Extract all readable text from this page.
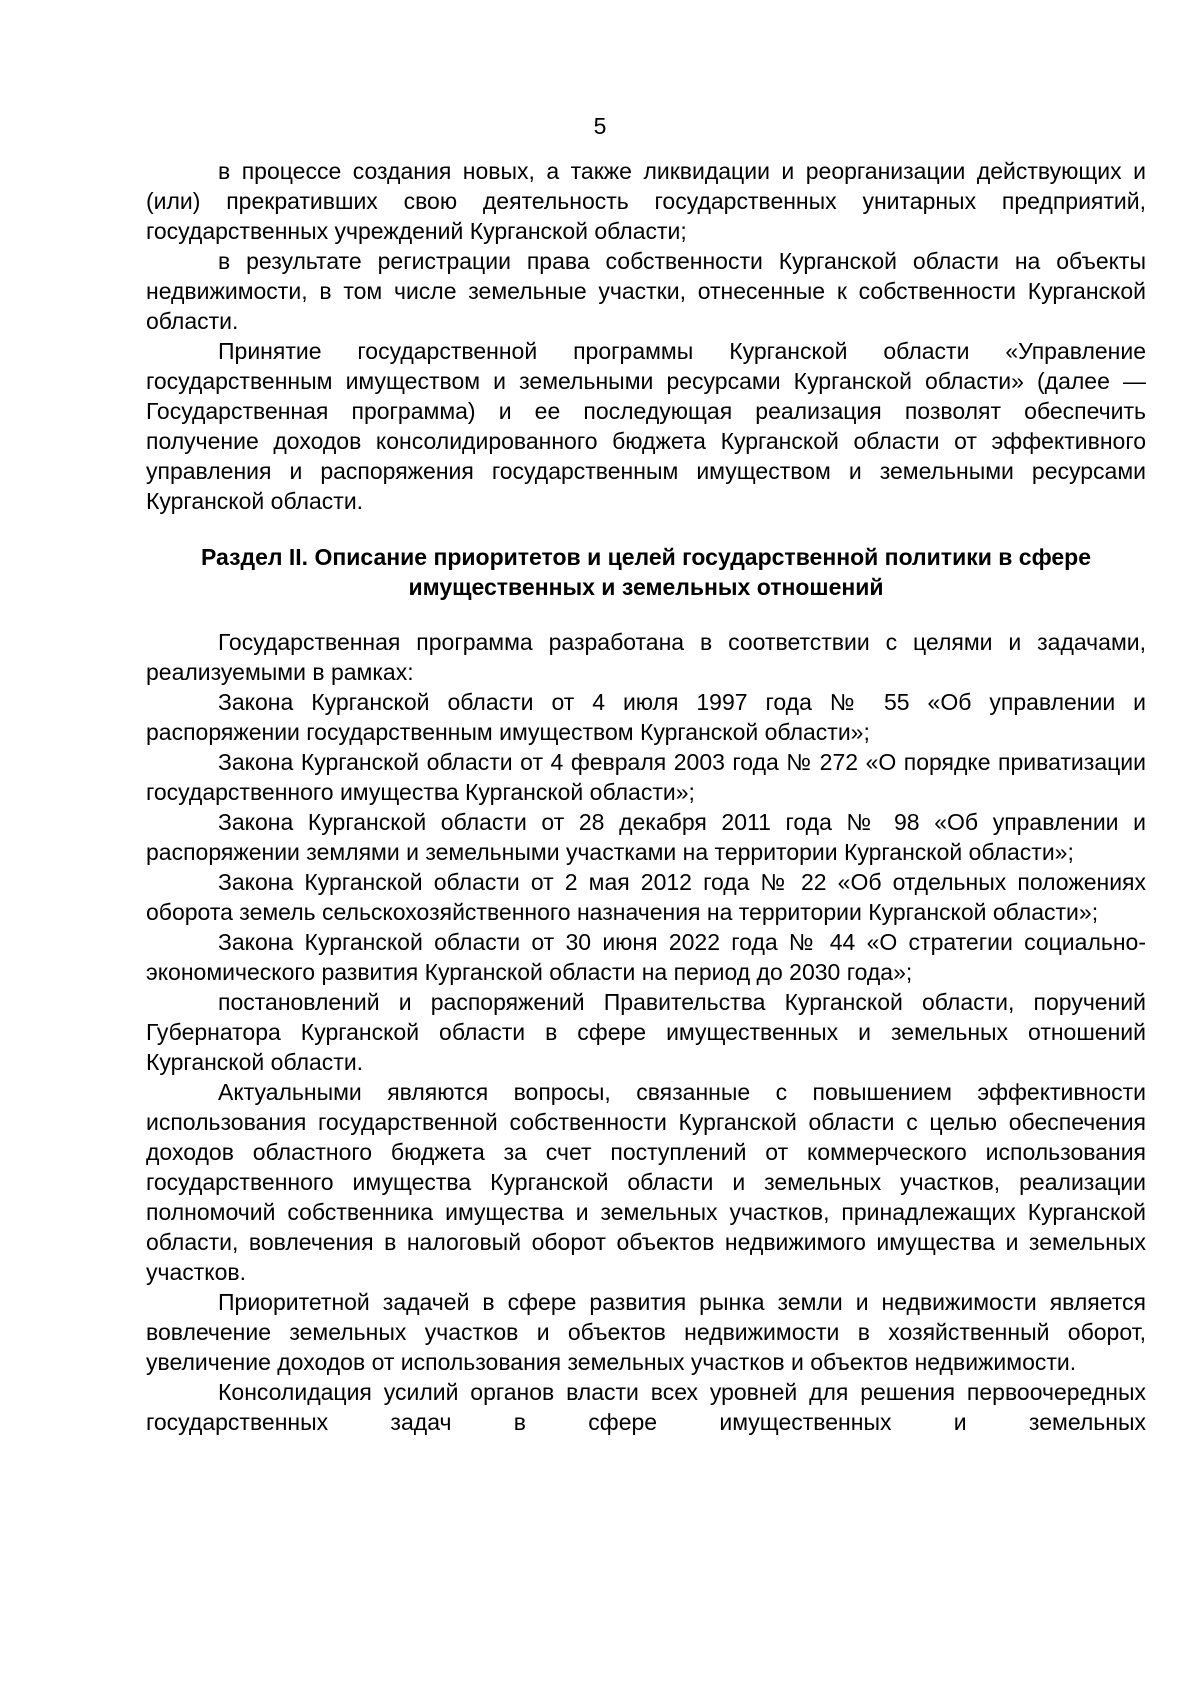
5

в процессе создания новых, а также ликвидации и реорганизации действующих и (или) прекративших свою деятельность государственных унитарных предприятий, государственных учреждений Курганской области;

в результате регистрации права собственности Курганской области на объекты недвижимости, в том числе земельные участки, отнесенные к собственности Курганской области.

Принятие государственной программы Курганской области «Управление государственным имуществом и земельными ресурсами Курганской области» (далее — Государственная программа) и ее последующая реализация позволят обеспечить получение доходов консолидированного бюджета Курганской области от эффективного управления и распоряжения государственным имуществом и земельными ресурсами Курганской области.

Раздел II. Описание приоритетов и целей государственной политики в сфере имущественных и земельных отношений

Государственная программа разработана в соответствии с целями и задачами, реализуемыми в рамках:

Закона Курганской области от 4 июля 1997 года № 55 «Об управлении и распоряжении государственным имуществом Курганской области»;

Закона Курганской области от 4 февраля 2003 года № 272 «О порядке приватизации государственного имущества Курганской области»;

Закона Курганской области от 28 декабря 2011 года № 98 «Об управлении и распоряжении землями и земельными участками на территории Курганской области»;

Закона Курганской области от 2 мая 2012 года № 22 «Об отдельных положениях оборота земель сельскохозяйственного назначения на территории Курганской области»;

Закона Курганской области от 30 июня 2022 года № 44 «О стратегии социально-экономического развития Курганской области на период до 2030 года»;

постановлений и распоряжений Правительства Курганской области, поручений Губернатора Курганской области в сфере имущественных и земельных отношений Курганской области.

Актуальными являются вопросы, связанные с повышением эффективности использования государственной собственности Курганской области с целью обеспечения доходов областного бюджета за счет поступлений от коммерческого использования государственного имущества Курганской области и земельных участков, реализации полномочий собственника имущества и земельных участков, принадлежащих Курганской области, вовлечения в налоговый оборот объектов недвижимого имущества и земельных участков.

Приоритетной задачей в сфере развития рынка земли и недвижимости является вовлечение земельных участков и объектов недвижимости в хозяйственный оборот, увеличение доходов от использования земельных участков и объектов недвижимости.

Консолидация усилий органов власти всех уровней для решения первоочередных государственных задач в сфере имущественных и земельных
